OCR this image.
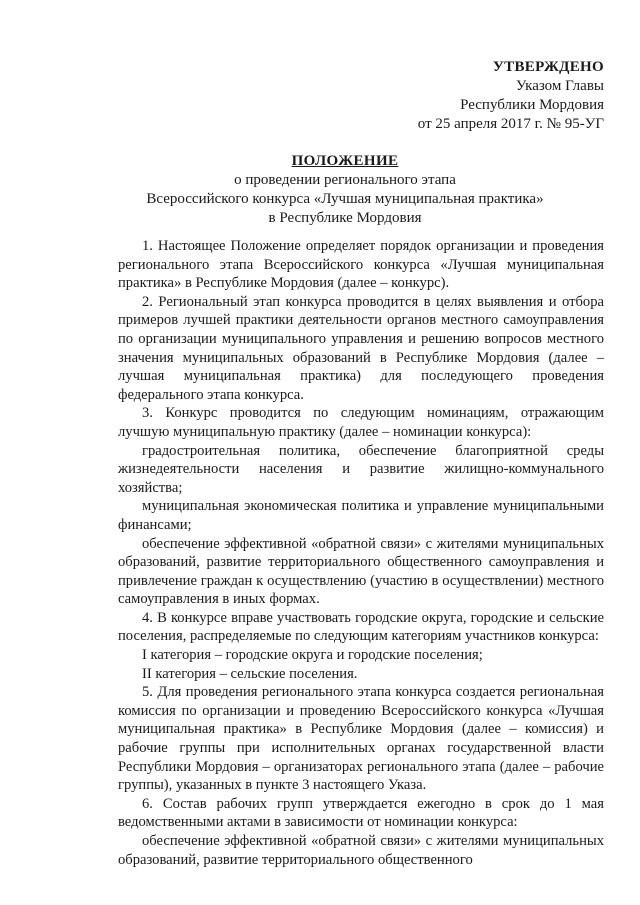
УТВЕРЖДЕНО
Указом Главы
Республики Мордовия
от 25 апреля 2017 г. № 95-УГ
ПОЛОЖЕНИЕ
о проведении регионального этапа
Всероссийского конкурса «Лучшая муниципальная практика»
в Республике Мордовия

1. Настоящее Положение определяет порядок организации и проведения регионального этапа Всероссийского конкурса «Лучшая муниципальная практика» в Республике Мордовия (далее – конкурс).

2. Региональный этап конкурса проводится в целях выявления и отбора примеров лучшей практики деятельности органов местного самоуправления по организации муниципального управления и решению вопросов местного значения муниципальных образований в Республике Мордовия (далее – лучшая муниципальная практика) для последующего проведения федерального этапа конкурса.

3. Конкурс проводится по следующим номинациям, отражающим лучшую муниципальную практику (далее – номинации конкурса):

градостроительная политика, обеспечение благоприятной среды жизнедеятельности населения и развитие жилищно-коммунального хозяйства;

муниципальная экономическая политика и управление муниципальными финансами;

обеспечение эффективной «обратной связи» с жителями муниципальных образований, развитие территориального общественного самоуправления и привлечение граждан к осуществлению (участию в осуществлении) местного самоуправления в иных формах.

4. В конкурсе вправе участвовать городские округа, городские и сельские поселения, распределяемые по следующим категориям участников конкурса:

I категория – городские округа и городские поселения;

II категория – сельские поселения.

5. Для проведения регионального этапа конкурса создается региональная комиссия по организации и проведению Всероссийского конкурса «Лучшая муниципальная практика» в Республике Мордовия (далее – комиссия) и рабочие группы при исполнительных органах государственной власти Республики Мордовия – организаторах регионального этапа (далее – рабочие группы), указанных в пункте 3 настоящего Указа.

6. Состав рабочих групп утверждается ежегодно в срок до 1 мая ведомственными актами в зависимости от номинации конкурса:

обеспечение эффективной «обратной связи» с жителями муниципальных образований, развитие территориального общественного
